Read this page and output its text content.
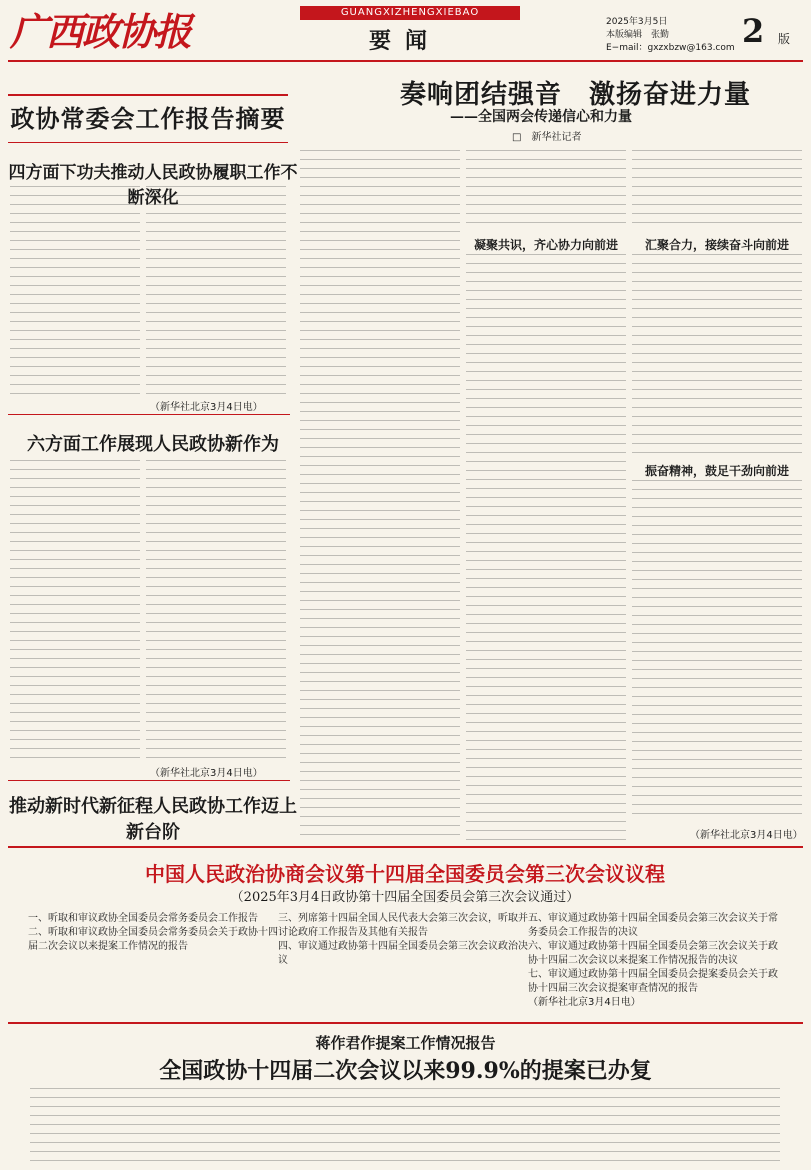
广西政协报	GUANGXIZHENGXIEBAO
要闻
2025年3月5日
本版编辑　张勤
E−mail：gxzxbzw@163.com 2 版
政协常委会工作报告摘要
四方面下功夫推动人民政协履职工作不断深化
（新华社北京3月4日电）
六方面工作展现人民政协新作为
（新华社北京3月4日电）
推动新时代新征程人民政协工作迈上新台阶
奏响团结强音　激扬奋进力量
——全国两会传递信心和力量
□　新华社记者
凝聚共识，齐心协力向前进	汇聚合力，接续奋斗向前进
振奋精神，鼓足干劲向前进
（新华社北京3月4日电）
中国人民政治协商会议第十四届全国委员会第三次会议议程
（2025年3月4日政协第十四届全国委员会第三次会议通过）
一、听取和审议政协全国委员会常务委员会工作报告
二、听取和审议政协全国委员会常务委员会关于政协十四届二次会议以来提案工作情况的报告
三、列席第十四届全国人民代表大会第三次会议，听取并讨论政府工作报告及其他有关报告
四、审议通过政协第十四届全国委员会第三次会议政治决议
五、审议通过政协第十四届全国委员会第三次会议关于常务委员会工作报告的决议
六、审议通过政协第十四届全国委员会第三次会议关于政协十四届二次会议以来提案工作情况报告的决议
七、审议通过政协第十四届全国委员会提案委员会关于政协十四届三次会议提案审查情况的报告
（新华社北京3月4日电）
蒋作君作提案工作情况报告
全国政协十四届二次会议以来99.9%的提案已办复
